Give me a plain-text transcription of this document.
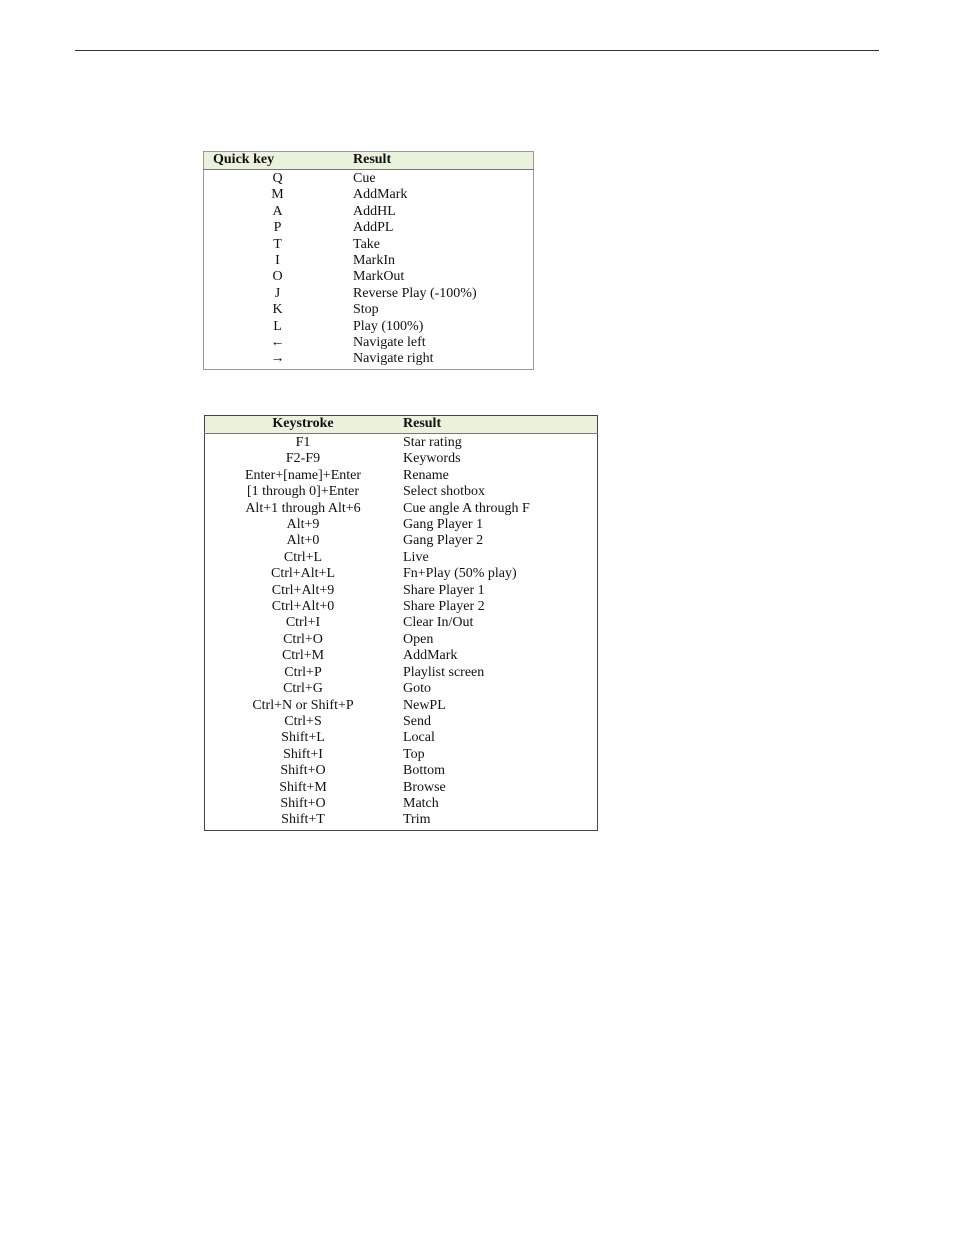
Quick key	Result
Q	Cue
M	AddMark
A	AddHL
P	AddPL
T	Take
I	MarkIn
O	MarkOut
J	Reverse Play (-100%)
K	Stop
L	Play (100%)
←	Navigate left
→	Navigate right
Keystroke	Result
F1	Star rating
F2-F9	Keywords
Enter+[name]+Enter	Rename
[1 through 0]+Enter	Select shotbox
Alt+1 through Alt+6	Cue angle A through F
Alt+9	Gang Player 1
Alt+0	Gang Player 2
Ctrl+L	Live
Ctrl+Alt+L	Fn+Play (50% play)
Ctrl+Alt+9	Share Player 1
Ctrl+Alt+0	Share Player 2
Ctrl+I	Clear In/Out
Ctrl+O	Open
Ctrl+M	AddMark
Ctrl+P	Playlist screen
Ctrl+G	Goto
Ctrl+N or Shift+P	NewPL
Ctrl+S	Send
Shift+L	Local
Shift+I	Top
Shift+O	Bottom
Shift+M	Browse
Shift+O	Match
Shift+T	Trim
